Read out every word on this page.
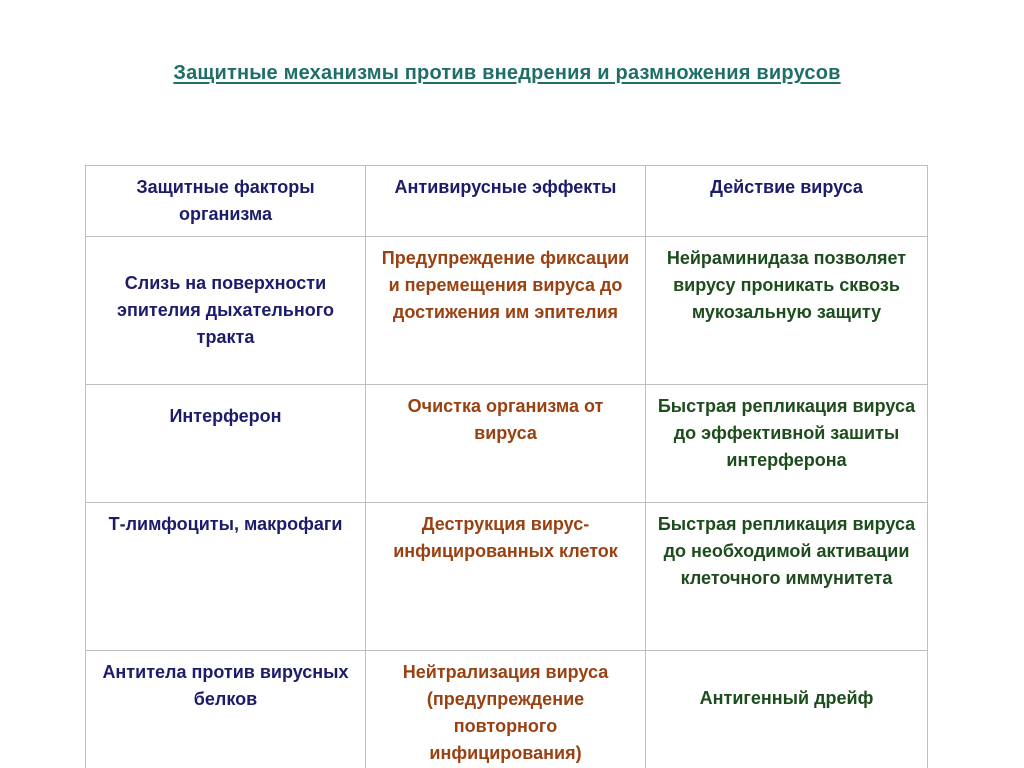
Защитные механизмы против внедрения и размножения вирусов
Защитные факторы организма	Антивирусные эффекты	Действие вируса
Слизь на поверхности эпителия дыхательного тракта	Предупреждение фиксации и перемещения вируса до достижения им эпителия	Нейраминидаза позволяет вирусу проникать сквозь мукозальную защиту
Интерферон	Очистка организма от вируса	Быстрая репликация вируса до эффективной зашиты интерферона
Т-лимфоциты, макрофаги	Деструкция вирус-инфицированных клеток	Быстрая репликация вируса до необходимой активации клеточного иммунитета
Антитела против вирусных белков	Нейтрализация вируса (предупреждение повторного инфицирования)	Антигенный дрейф
